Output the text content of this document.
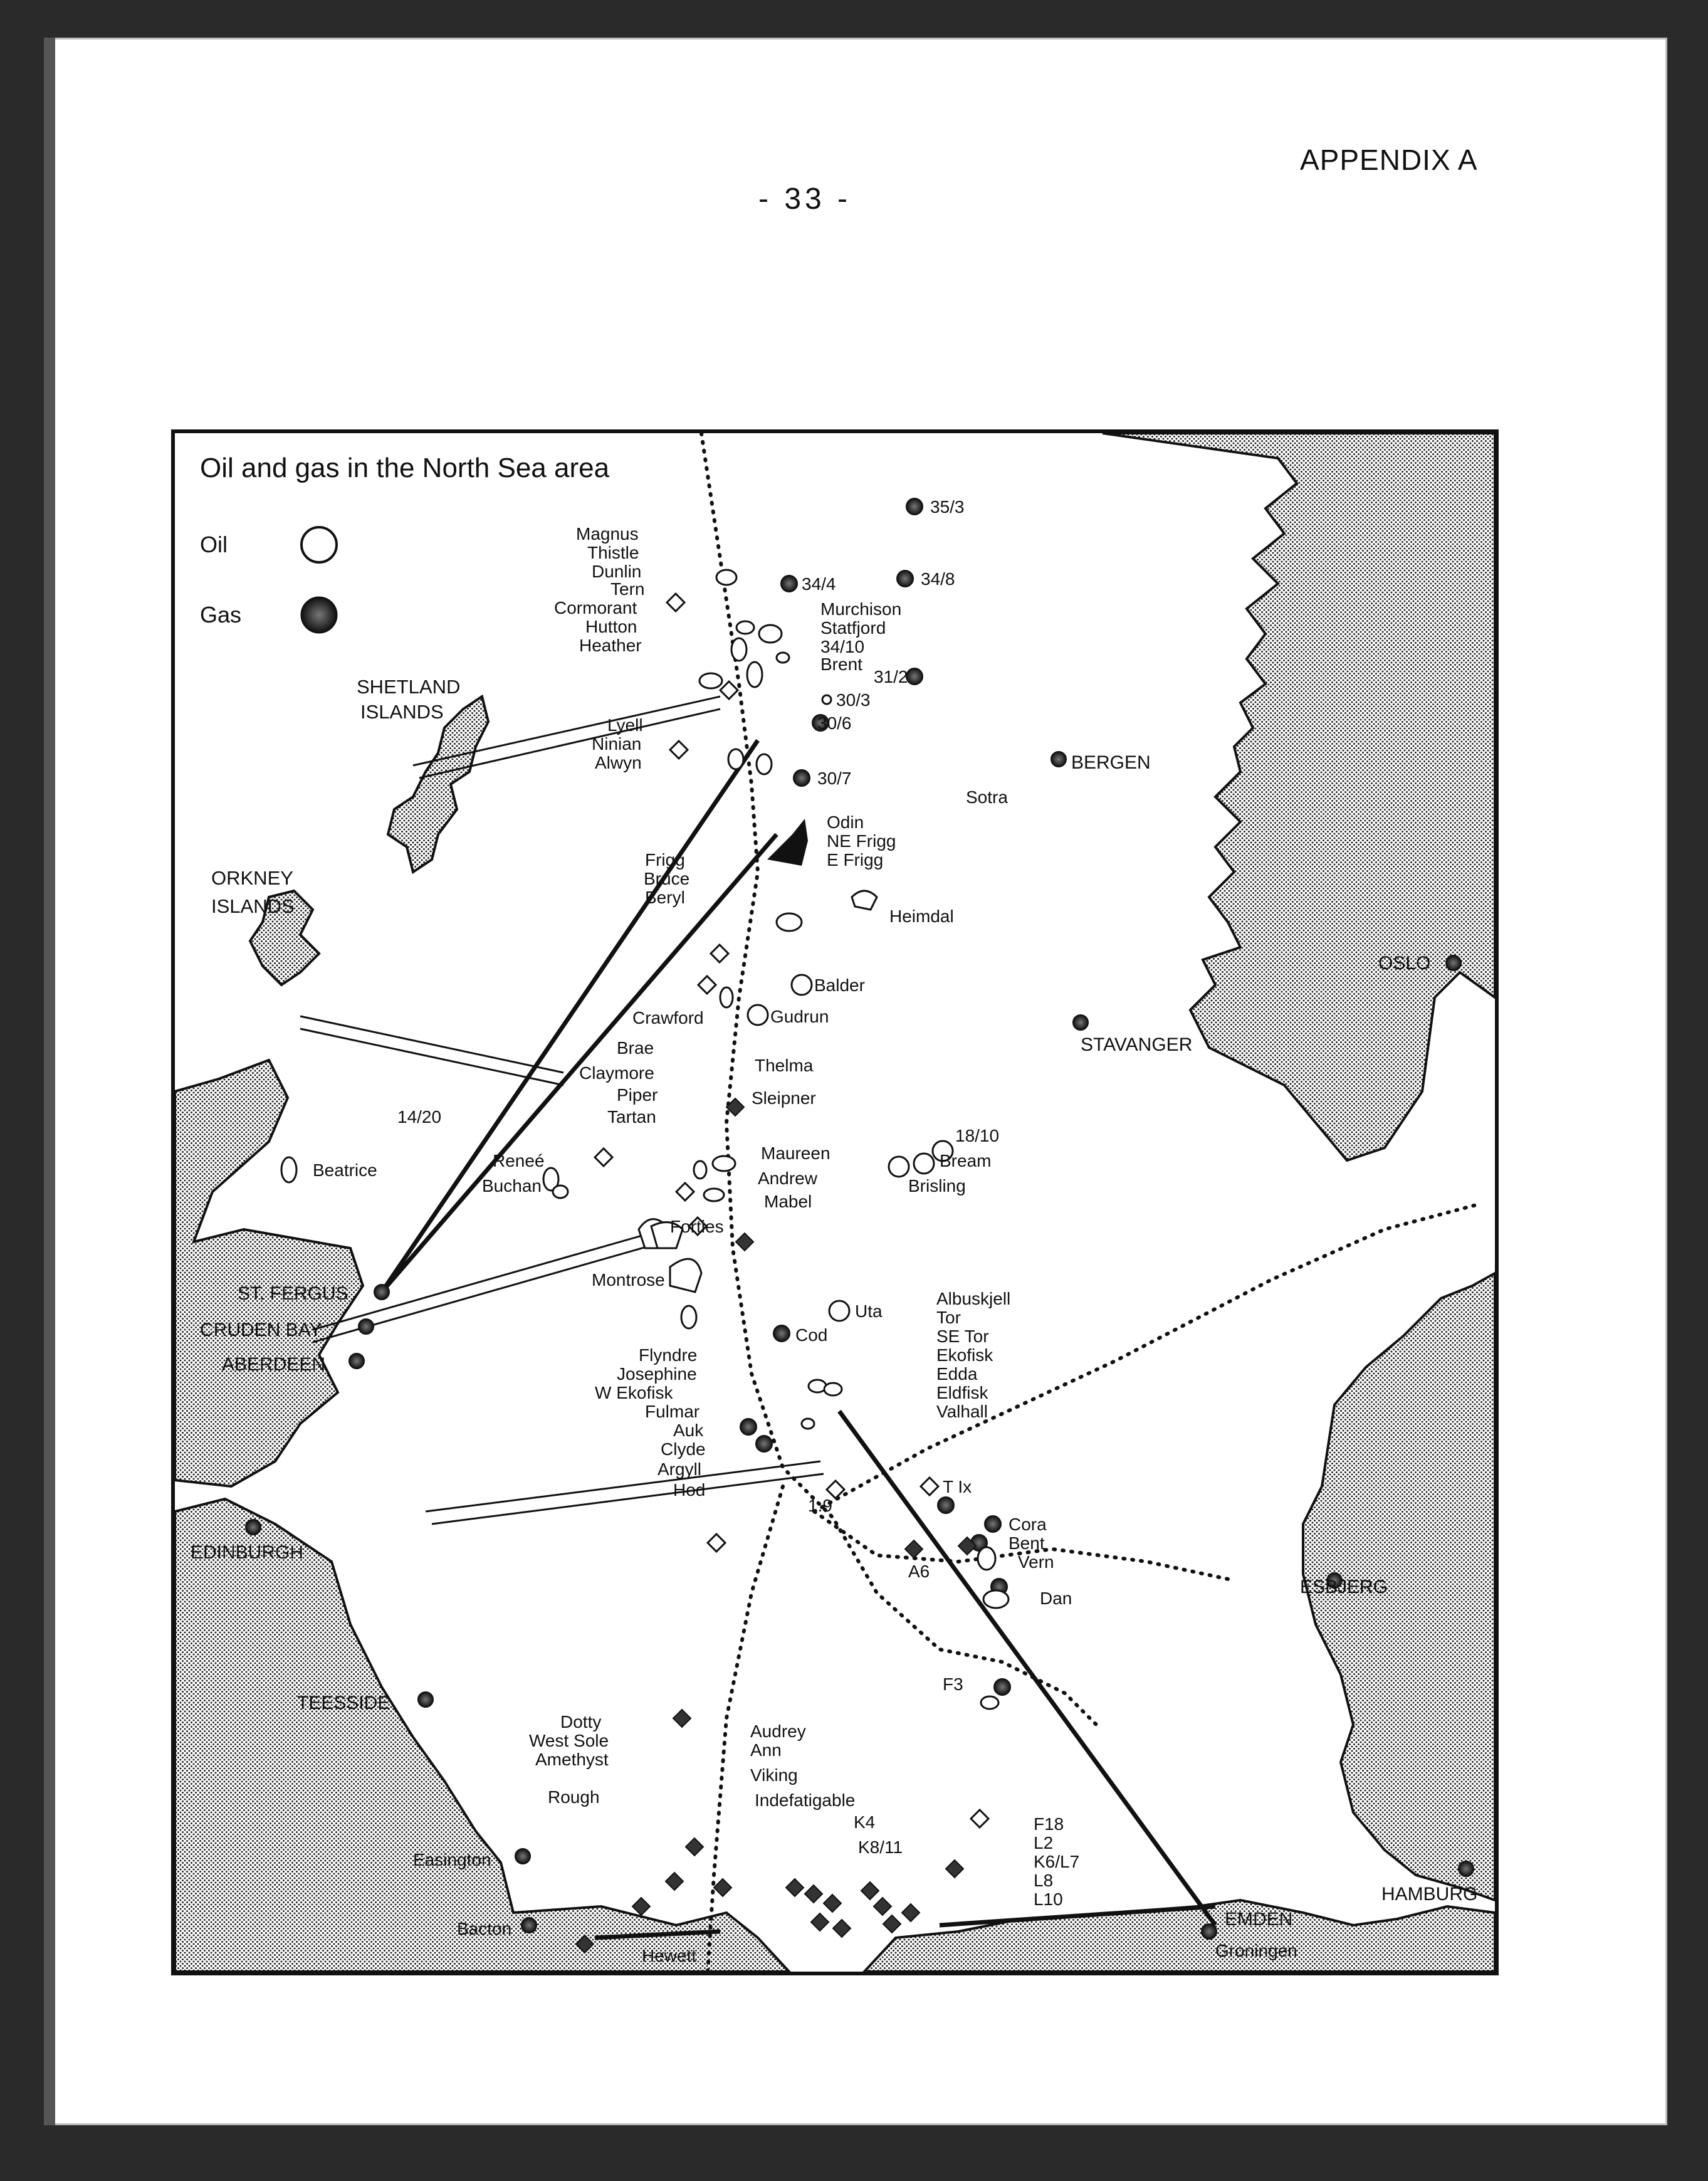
APPENDIX A
- 33 -
Oil and gas in the North Sea area
Oil
Gas
SHETLAND
ISLANDS
ORKNEY
ISLANDS
ST. FERGUS
CRUDEN BAY
ABERDEEN
EDINBURGH
TEESSIDE
Easington
Bacton
BERGEN
Sotra
OSLO
STAVANGER
ESBJERG
EMDEN
Groningen
HAMBURG
35/3
34/4	34/8
Magnus
Thistle
Dunlin
Tern
Cormorant
Hutton
Heather
Murchison
Statfjord
34/10
Brent
31/2
30/3
30/6
Lyell
Ninian
Alwyn
30/7
Odin
NE Frigg
E Frigg
Frigg
Bruce
Beryl
Heimdal
Balder
Crawford	Gudrun
Brae
Thelma
Claymore
Piper
Tartan
Sleipner
14/20
Beatrice	Reneé
Buchan
Maureen
Andrew
Mabel
18/10
Bream
Brisling
Forties
Montrose
Uta
Cod
Albuskjell
Tor
SE Tor
Ekofisk
Edda
Eldfisk
Valhall
Flyndre
Josephine
W Ekofisk
Fulmar
Auk
Clyde
Argyll
Hod
1.9
T Ix
Cora
Bent
Vern
A6
Dan
F3
Dotty
West Sole
Amethyst
Rough
Hewett
Audrey
Ann
Viking
Indefatigable
K4
K8/11
F18
L2
K6/L7
L8
L10
